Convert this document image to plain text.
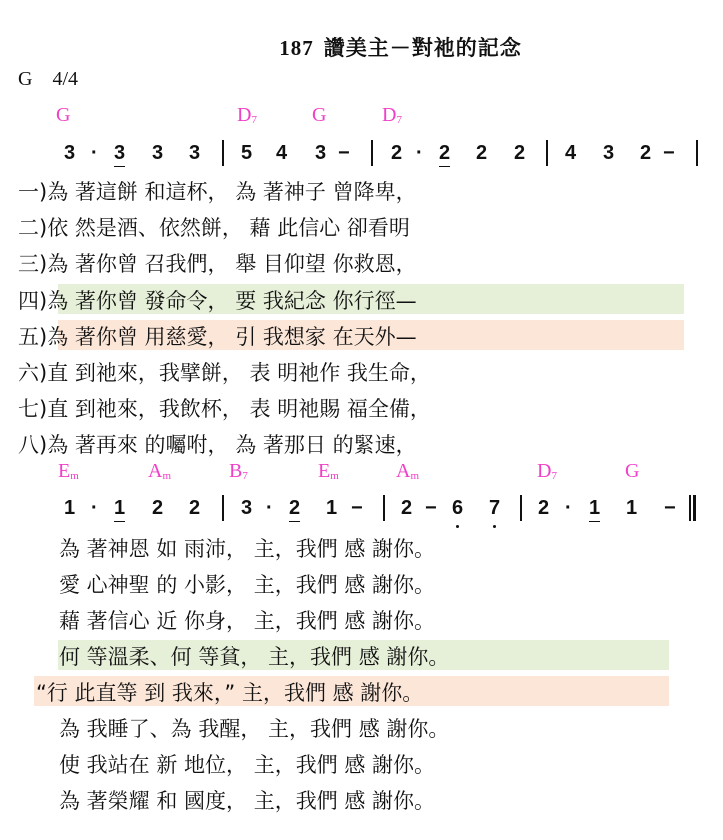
187 讚美主－對祂的記念
G 4/4
G	$D_7$	G	$D_7$
3 · 3 3 3 5 4 3 − 2 · 2 2 2 4 3 2 −
一)為 著這餅 和這杯， 為 著神子 曾降卑，
二)依 然是酒、依然餅， 藉 此信心 卻看明
三)為 著你曾 召我們， 舉 目仰望 你救恩，
四)為 著你曾 發命令， 要 我紀念 你行徑—
五)為 著你曾 用慈愛， 引 我想家 在天外—
六)直 到祂來，我擘餅， 表 明祂作 我生命，
七)直 到祂來，我飲杯， 表 明祂賜 福全備，
八)為 著再來 的囑咐， 為 著那日 的緊速，
$E_m$	$A_m$	$B_7$	$E_m$	$A_m$	$D_7$	G
1 · 1 2 2 3 · 2 1 − 2 − 6 7 2 · 1 1 −
為 著神恩 如 雨沛， 主，我們 感 謝你。
愛 心神聖 的 小影， 主，我們 感 謝你。
藉 著信心 近 你身， 主，我們 感 謝你。
何 等溫柔、何 等貧， 主，我們 感 謝你。
“行 此直等 到 我來，” 主，我們 感 謝你。
為 我睡了、為 我醒， 主，我們 感 謝你。
使 我站在 新 地位， 主，我們 感 謝你。
為 著榮耀 和 國度， 主，我們 感 謝你。
